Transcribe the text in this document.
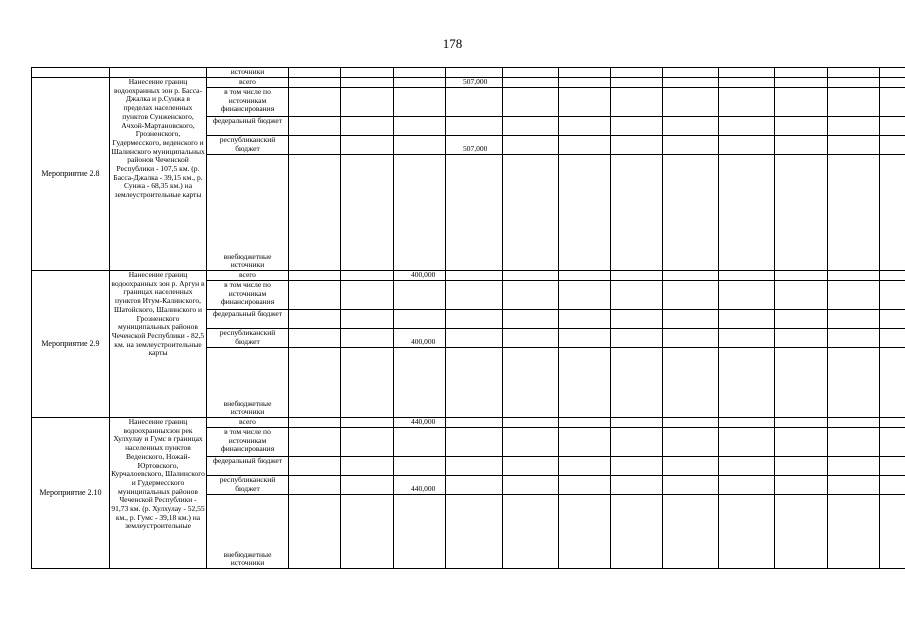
178
		источники												
Мероприятие 2.8	Нанесение границ водоохранных зон р. Басса-Джалка и р.Сунжа в пределах населенных пунктов Сунженского, Ачхой-Мартановского, Грозненского, Гудермесского, веденского и Шалинского муниципальных районов Чеченской Республики - 107,5 км. (р. Басса-Джалка - 39,15 км., р. Сунжа - 68,35 км.) на землеустроительные карты	всего				507,000								
		в том числе по источникам финансирования												
		федеральный бюджет												
		республиканский бюджет				507,000								
		внебюджетные источники												
Мероприятие 2.9	Нанесение границ водоохранных зон р. Аргун в границах населенных пунктов Итум-Калинского, Шатойского, Шалинского и Грозненского муниципальных районов Чеченской Республики - 82,5 км. на землеустроительные карты	всего			400,000									
		в том числе по источникам финансирования												
		федеральный бюджет												
		республиканский бюджет			400,000									
		внебюджетные источники												
Мероприятие 2.10	Нанесение границ водоохранныхзон рек Хулхулау и Гумс в границах населенных пунктов Веденского, Ножай-Юртовского, Курчалоевского, Шалинского и Гудермесского муниципальных районов Чеченской Республики - 91,73 км. (р. Хулхулау - 52,55 км., р. Гумс - 39,18 км.) на землеустроительные	всего			440,000									
		в том числе по источникам финансирования												
		федеральный бюджет												
		республиканский бюджет			440,000									
		внебюджетные источники												
